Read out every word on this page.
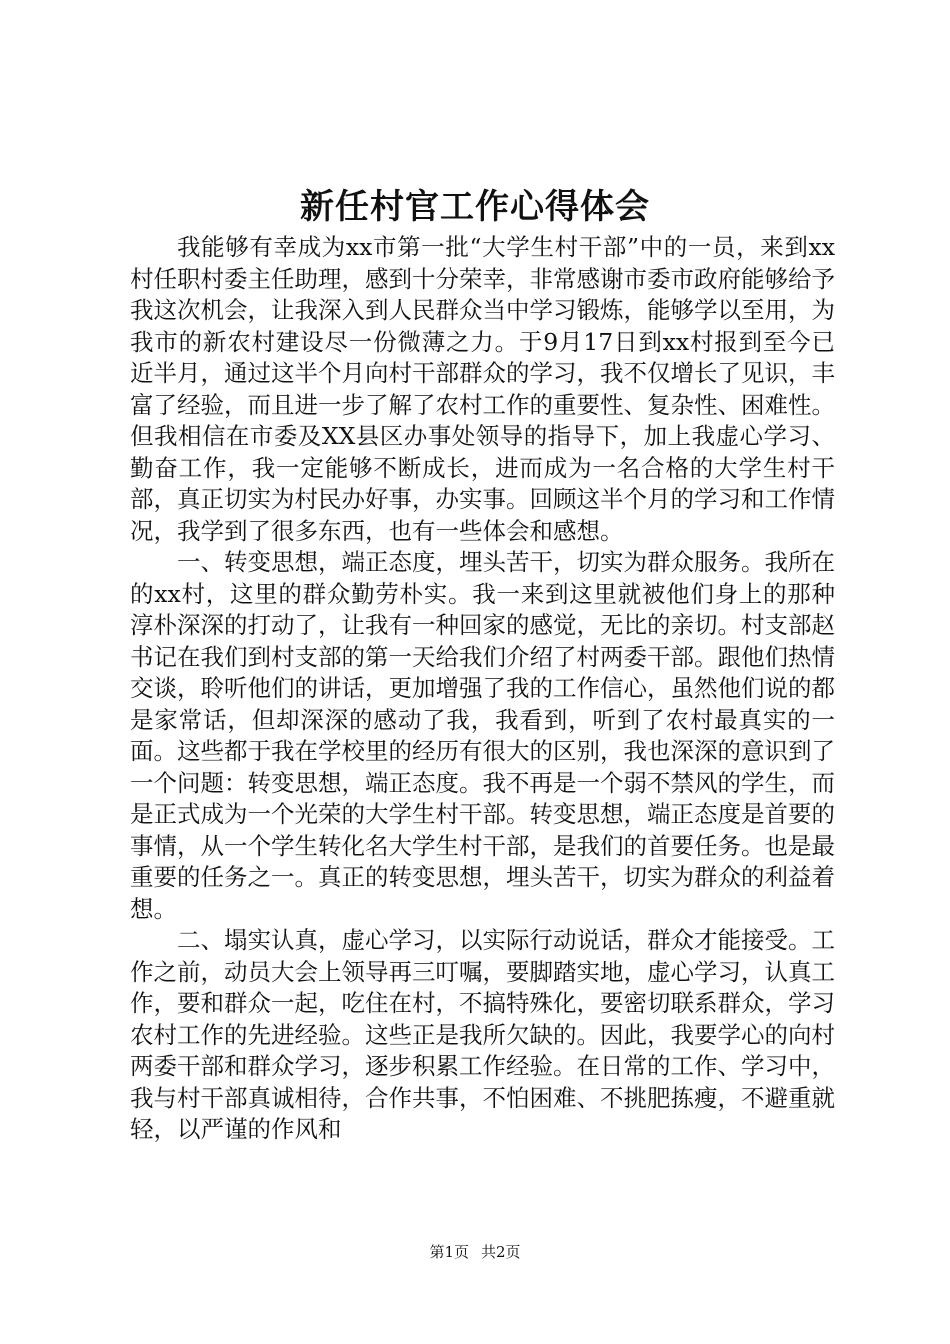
新任村官工作心得体会

我能够有幸成为xx市第一批“大学生村干部”中的一员，来到xx村任职村委主任助理，感到十分荣幸，非常感谢市委市政府能够给予我这次机会，让我深入到人民群众当中学习锻炼，能够学以至用，为我市的新农村建设尽一份微薄之力。于9月17日到xx村报到至今已近半月，通过这半个月向村干部群众的学习，我不仅增长了见识，丰富了经验，而且进一步了解了农村工作的重要性、复杂性、困难性。但我相信在市委及XX县区办事处领导的指导下，加上我虚心学习、勤奋工作，我一定能够不断成长，进而成为一名合格的大学生村干部，真正切实为村民办好事，办实事。回顾这半个月的学习和工作情况，我学到了很多东西，也有一些体会和感想。

一、转变思想，端正态度，埋头苦干，切实为群众服务。我所在的xx村，这里的群众勤劳朴实。我一来到这里就被他们身上的那种淳朴深深的打动了，让我有一种回家的感觉，无比的亲切。村支部赵书记在我们到村支部的第一天给我们介绍了村两委干部。跟他们热情交谈，聆听他们的讲话，更加增强了我的工作信心，虽然他们说的都是家常话，但却深深的感动了我，我看到，听到了农村最真实的一面。这些都于我在学校里的经历有很大的区别，我也深深的意识到了一个问题：转变思想，端正态度。我不再是一个弱不禁风的学生，而是正式成为一个光荣的大学生村干部。转变思想，端正态度是首要的事情，从一个学生转化名大学生村干部，是我们的首要任务。也是最重要的任务之一。真正的转变思想，埋头苦干，切实为群众的利益着想。

二、塌实认真，虚心学习，以实际行动说话，群众才能接受。工作之前，动员大会上领导再三叮嘱，要脚踏实地，虚心学习，认真工作，要和群众一起，吃住在村，不搞特殊化，要密切联系群众，学习农村工作的先进经验。这些正是我所欠缺的。因此，我要学心的向村两委干部和群众学习，逐步积累工作经验。在日常的工作、学习中，我与村干部真诚相待，合作共事，不怕困难、不挑肥拣瘦，不避重就轻，以严谨的作风和

第1页 共2页
